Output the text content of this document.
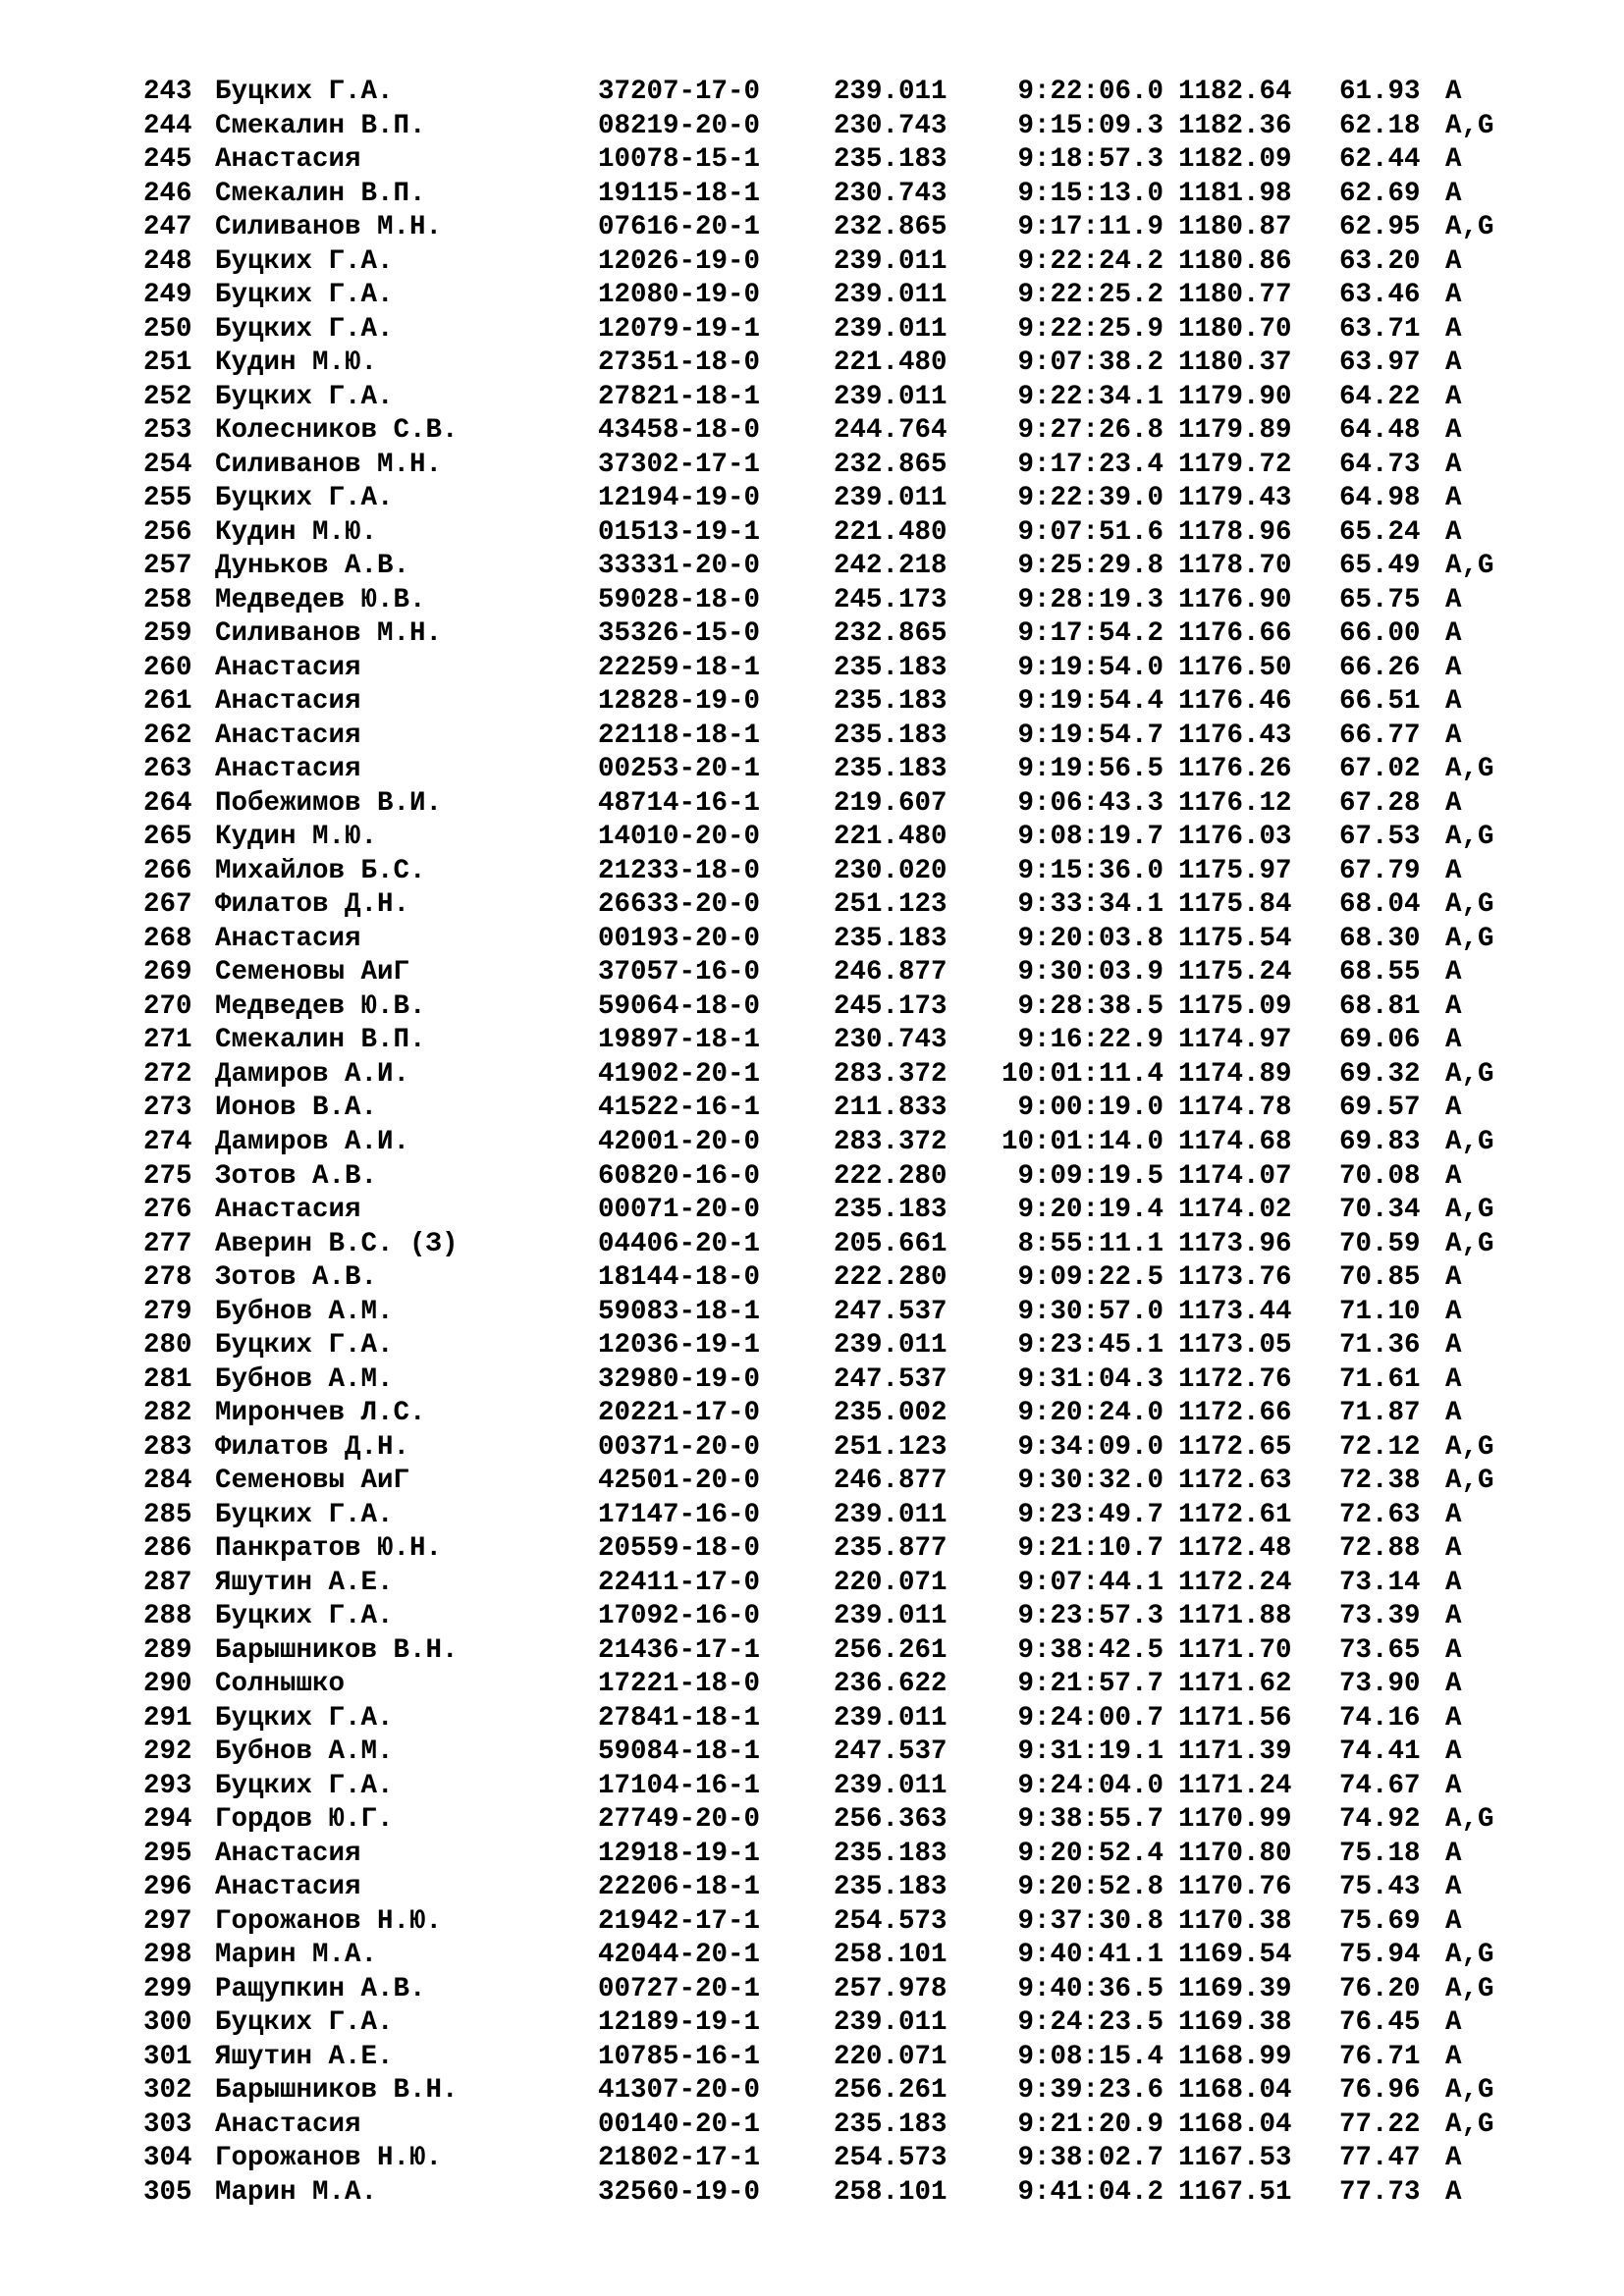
243 Буцких Г.А.	37207-17-0	239.011	9:22:06.0 1182.64 61.93 A
244 Смекалин В.П.	08219-20-0	230.743	9:15:09.3 1182.36 62.18 A,G
245 Анастасия	10078-15-1	235.183	9:18:57.3 1182.09 62.44 A
246 Смекалин В.П.	19115-18-1	230.743	9:15:13.0 1181.98 62.69 A
247 Силиванов М.Н.	07616-20-1	232.865	9:17:11.9 1180.87 62.95 A,G
248 Буцких Г.А.	12026-19-0	239.011	9:22:24.2 1180.86 63.20 A
249 Буцких Г.А.	12080-19-0	239.011	9:22:25.2 1180.77 63.46 A
250 Буцких Г.А.	12079-19-1	239.011	9:22:25.9 1180.70 63.71 A
251 Кудин М.Ю.	27351-18-0	221.480	9:07:38.2 1180.37 63.97 A
252 Буцких Г.А.	27821-18-1	239.011	9:22:34.1 1179.90 64.22 A
253 Колесников С.В.	43458-18-0	244.764	9:27:26.8 1179.89 64.48 A
254 Силиванов М.Н.	37302-17-1	232.865	9:17:23.4 1179.72 64.73 A
255 Буцких Г.А.	12194-19-0	239.011	9:22:39.0 1179.43 64.98 A
256 Кудин М.Ю.	01513-19-1	221.480	9:07:51.6 1178.96 65.24 A
257 Дуньков А.В.	33331-20-0	242.218	9:25:29.8 1178.70 65.49 A,G
258 Медведев Ю.В.	59028-18-0	245.173	9:28:19.3 1176.90 65.75 A
259 Силиванов М.Н.	35326-15-0	232.865	9:17:54.2 1176.66 66.00 A
260 Анастасия	22259-18-1	235.183	9:19:54.0 1176.50 66.26 A
261 Анастасия	12828-19-0	235.183	9:19:54.4 1176.46 66.51 A
262 Анастасия	22118-18-1	235.183	9:19:54.7 1176.43 66.77 A
263 Анастасия	00253-20-1	235.183	9:19:56.5 1176.26 67.02 A,G
264 Побежимов В.И.	48714-16-1	219.607	9:06:43.3 1176.12 67.28 A
265 Кудин М.Ю.	14010-20-0	221.480	9:08:19.7 1176.03 67.53 A,G
266 Михайлов Б.С.	21233-18-0	230.020	9:15:36.0 1175.97 67.79 A
267 Филатов Д.Н.	26633-20-0	251.123	9:33:34.1 1175.84 68.04 A,G
268 Анастасия	00193-20-0	235.183	9:20:03.8 1175.54 68.30 A,G
269 Семеновы АиГ	37057-16-0	246.877	9:30:03.9 1175.24 68.55 A
270 Медведев Ю.В.	59064-18-0	245.173	9:28:38.5 1175.09 68.81 A
271 Смекалин В.П.	19897-18-1	230.743	9:16:22.9 1174.97 69.06 A
272 Дамиров А.И.	41902-20-1	283.372 10:01:11.4 1174.89 69.32 A,G
273 Ионов В.А.	41522-16-1	211.833	9:00:19.0 1174.78 69.57 A
274 Дамиров А.И.	42001-20-0	283.372 10:01:14.0 1174.68 69.83 A,G
275 Зотов А.В.	60820-16-0	222.280	9:09:19.5 1174.07 70.08 A
276 Анастасия	00071-20-0	235.183	9:20:19.4 1174.02 70.34 A,G
277 Аверин В.С. (З)	04406-20-1	205.661	8:55:11.1 1173.96 70.59 A,G
278 Зотов А.В.	18144-18-0	222.280	9:09:22.5 1173.76 70.85 A
279 Бубнов А.М.	59083-18-1	247.537	9:30:57.0 1173.44 71.10 A
280 Буцких Г.А.	12036-19-1	239.011	9:23:45.1 1173.05 71.36 A
281 Бубнов А.М.	32980-19-0	247.537	9:31:04.3 1172.76 71.61 A
282 Мирончев Л.С.	20221-17-0	235.002	9:20:24.0 1172.66 71.87 A
283 Филатов Д.Н.	00371-20-0	251.123	9:34:09.0 1172.65 72.12 A,G
284 Семеновы АиГ	42501-20-0	246.877	9:30:32.0 1172.63 72.38 A,G
285 Буцких Г.А.	17147-16-0	239.011	9:23:49.7 1172.61 72.63 A
286 Панкратов Ю.Н.	20559-18-0	235.877	9:21:10.7 1172.48 72.88 A
287 Яшутин А.Е.	22411-17-0	220.071	9:07:44.1 1172.24 73.14 A
288 Буцких Г.А.	17092-16-0	239.011	9:23:57.3 1171.88 73.39 A
289 Барышников В.Н.	21436-17-1	256.261	9:38:42.5 1171.70 73.65 A
290 Солнышко	17221-18-0	236.622	9:21:57.7 1171.62 73.90 A
291 Буцких Г.А.	27841-18-1	239.011	9:24:00.7 1171.56 74.16 A
292 Бубнов А.М.	59084-18-1	247.537	9:31:19.1 1171.39 74.41 A
293 Буцких Г.А.	17104-16-1	239.011	9:24:04.0 1171.24 74.67 A
294 Гордов Ю.Г.	27749-20-0	256.363	9:38:55.7 1170.99 74.92 A,G
295 Анастасия	12918-19-1	235.183	9:20:52.4 1170.80 75.18 A
296 Анастасия	22206-18-1	235.183	9:20:52.8 1170.76 75.43 A
297 Горожанов Н.Ю.	21942-17-1	254.573	9:37:30.8 1170.38 75.69 A
298 Марин М.А.	42044-20-1	258.101	9:40:41.1 1169.54 75.94 A,G
299 Ращупкин А.В.	00727-20-1	257.978	9:40:36.5 1169.39 76.20 A,G
300 Буцких Г.А.	12189-19-1	239.011	9:24:23.5 1169.38 76.45 A
301 Яшутин А.Е.	10785-16-1	220.071	9:08:15.4 1168.99 76.71 A
302 Барышников В.Н.	41307-20-0	256.261	9:39:23.6 1168.04 76.96 A,G
303 Анастасия	00140-20-1	235.183	9:21:20.9 1168.04 77.22 A,G
304 Горожанов Н.Ю.	21802-17-1	254.573	9:38:02.7 1167.53 77.47 A
305 Марин М.А.	32560-19-0	258.101	9:41:04.2 1167.51 77.73 A
